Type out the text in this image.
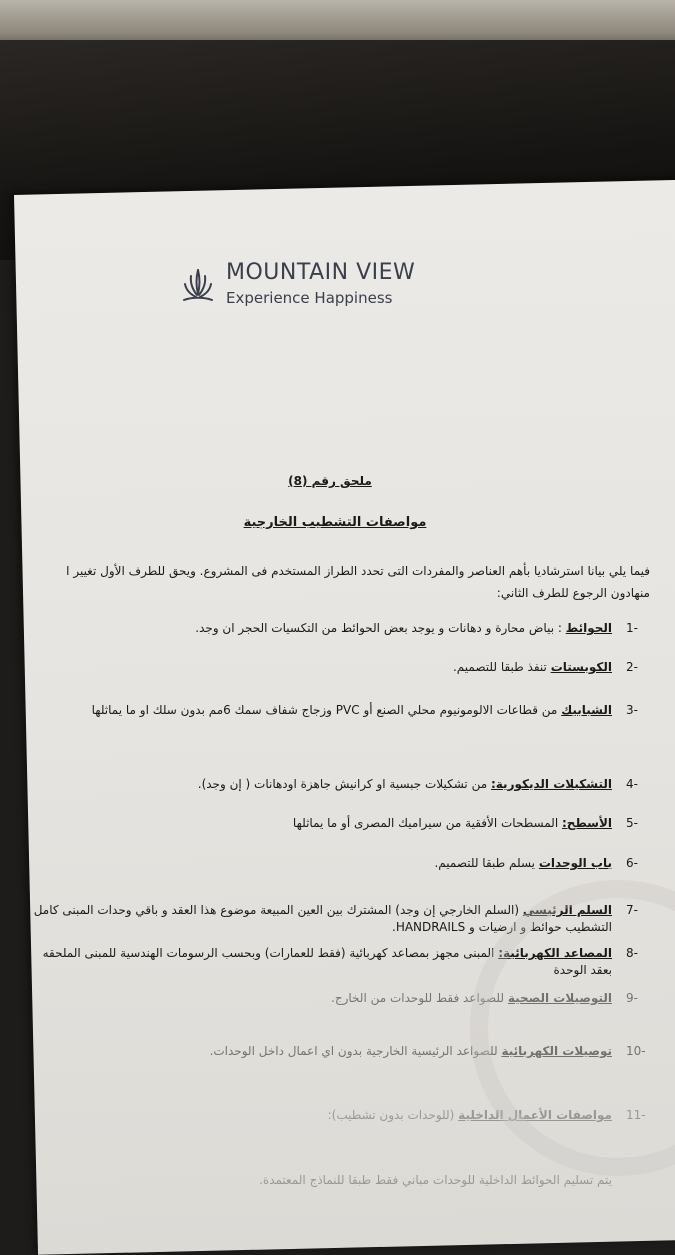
MOUNTAIN VIEW
Experience Happiness
ملحق رقم (8)
مواصفات التشطيب الخارجية
فيما يلي بيانا استرشاديا بأهم العناصر والمفردات التى تحدد الطراز المستخدم فى المشروع. ويحق للطرف الأول تغيير ا
منهادون الرجوع للطرف الثاني:
1-
الحوائط : بياض محارة و دهانات و يوجد بعض الحوائط من التكسيات الحجر ان وجد.
2-
الكوبستات تنفذ طبقا للتصميم.
3-
الشبابيك من قطاعات الالومونيوم محلي الصنع أو PVC وزجاج شفاف سمك 6مم بدون سلك او ما يماثلها
4-
التشكيلات الديكورية: من تشكيلات جبسية او كرانيش جاهزة اودهانات ( إن وجد).
5-
الأسطح: المسطحات الأفقية من سيراميك المصرى أو ما يماثلها
6-
باب الوحدات يسلم طبقا للتصميم.
7-
السلم الرئيسي (السلم الخارجي إن وجد) المشترك بين العين المبيعة موضوع هذا العقد و باقي وحدات المبنى كامل
التشطيب حوائط و ارضيات و HANDRAILS.
8-
المصاعد الكهربائية: المبنى مجهز بمصاعد كهربائية (فقط للعمارات) وبحسب الرسومات الهندسية للمبنى الملحقه
بعقد الوحدة
9-
التوصيلات الصحية للصواعد فقط للوحدات من الخارج.
10-
توصيلات الكهربائية للصواعد الرئيسية الخارجية بدون اي اعمال داخل الوحدات.
11-
مواصفات الأعمال الداخلية (للوحدات بدون تشطيب):
يتم تسليم الحوائط الداخلية للوحدات مباني فقط طبقا للنماذج المعتمدة.
